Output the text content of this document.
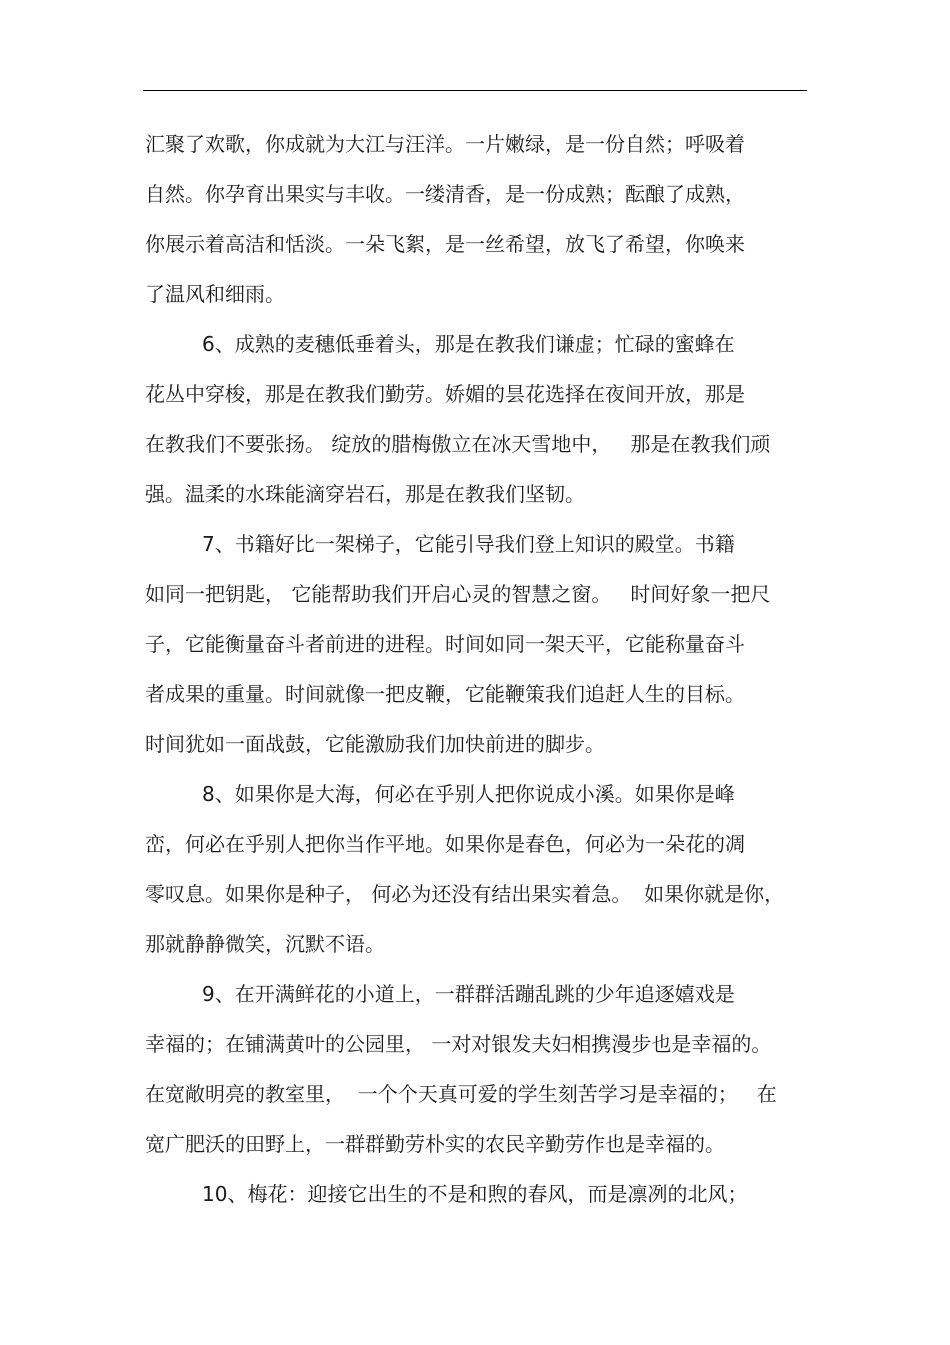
汇聚了欢歌，你成就为大江与汪洋。一片嫩绿，是一份自然；呼吸着
自然。你孕育出果实与丰收。一缕清香，是一份成熟；酝酿了成熟，
你展示着高洁和恬淡。一朵飞絮，是一丝希望，放飞了希望，你唤来
了温风和细雨。
6、成熟的麦穗低垂着头，那是在教我们谦虚；忙碌的蜜蜂在
花丛中穿梭，那是在教我们勤劳。娇媚的昙花选择在夜间开放，那是
在教我们不要张扬。 绽放的腊梅傲立在冰天雪地中，   那是在教我们顽
强。温柔的水珠能滴穿岩石，那是在教我们坚韧。
7、书籍好比一架梯子，它能引导我们登上知识的殿堂。书籍
如同一把钥匙， 它能帮助我们开启心灵的智慧之窗。   时间好象一把尺
子，它能衡量奋斗者前进的进程。时间如同一架天平，它能称量奋斗
者成果的重量。时间就像一把皮鞭，它能鞭策我们追赶人生的目标。
时间犹如一面战鼓，它能激励我们加快前进的脚步。
8、如果你是大海，何必在乎别人把你说成小溪。如果你是峰
峦，何必在乎别人把你当作平地。如果你是春色，何必为一朵花的凋
零叹息。如果你是种子， 何必为还没有结出果实着急。  如果你就是你，
那就静静微笑，沉默不语。
9、在开满鲜花的小道上，一群群活蹦乱跳的少年追逐嬉戏是
幸福的；在铺满黄叶的公园里， 一对对银发夫妇相携漫步也是幸福的。
在宽敞明亮的教室里，  一个个天真可爱的学生刻苦学习是幸福的；   在
宽广肥沃的田野上，一群群勤劳朴实的农民辛勤劳作也是幸福的。
10、梅花：迎接它出生的不是和煦的春风，而是凛冽的北风；
